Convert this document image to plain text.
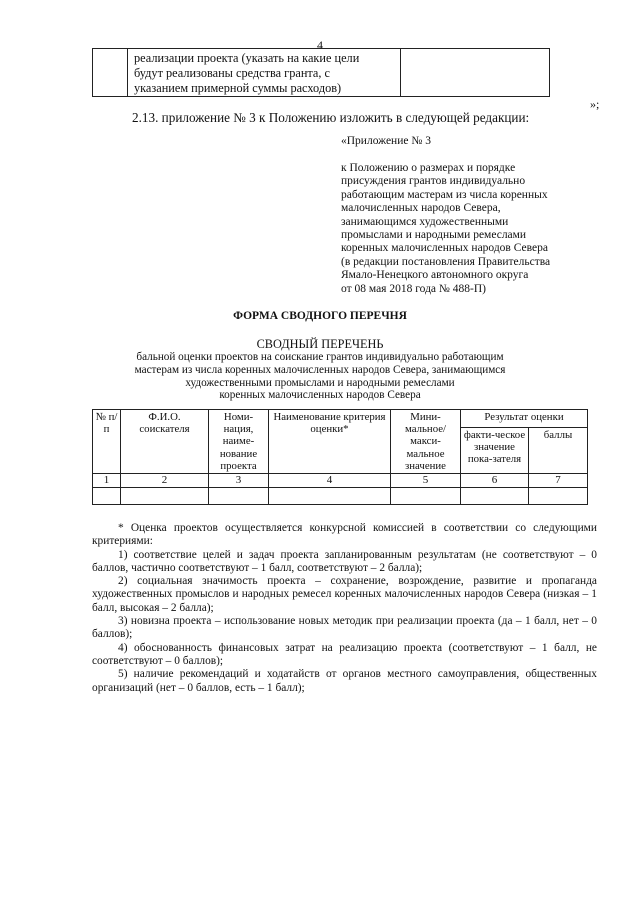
4

реализации проекта (указать на какие цели
будут реализованы средства гранта, с
указанием примерной суммы расходов)

»;
2.13. приложение № 3 к Положению изложить в следующей редакции:
«Приложение № 3
к Положению о размерах и порядке
присуждения грантов индивидуально
работающим мастерам из числа коренных
малочисленных народов Севера,
занимающимся художественными
промыслами и народными ремеслами
коренных малочисленных народов Севера
(в редакции постановления Правительства
Ямало-Ненецкого автономного округа
от 08 мая 2018 года № 488-П)
ФОРМА СВОДНОГО ПЕРЕЧНЯ
СВОДНЫЙ ПЕРЕЧЕНЬ
бальной оценки проектов на соискание грантов индивидуально работающим
мастерам из числа коренных малочисленных народов Севера, занимающимся
художественными промыслами и народными ремеслами
коренных малочисленных народов Севера
№ п/п	Ф.И.О. соискателя	Номи-нация, наиме-нование проекта	Наименование критерия оценки*	Мини-мальное/ макси-мальное значение	Результат оценки	
					факти-ческое значение пока-зателя	баллы
1	2	3	4	5	6	7

* Оценка проектов осуществляется конкурсной комиссией в соответствии со следующими критериями:

1) соответствие целей и задач проекта запланированным результатам (не соответствуют – 0 баллов, частично соответствуют – 1 балл, соответствуют – 2 балла);

2) социальная значимость проекта – сохранение, возрождение, развитие и пропаганда художественных промыслов и народных ремесел коренных малочисленных народов Севера (низкая – 1 балл, высокая – 2 балла);

3) новизна проекта – использование новых методик при реализации проекта (да – 1 балл, нет – 0 баллов);

4) обоснованность финансовых затрат на реализацию проекта (соответствуют – 1 балл, не соответствуют – 0 баллов);

5) наличие рекомендаций и ходатайств от органов местного самоуправления, общественных организаций (нет – 0 баллов, есть – 1 балл);
